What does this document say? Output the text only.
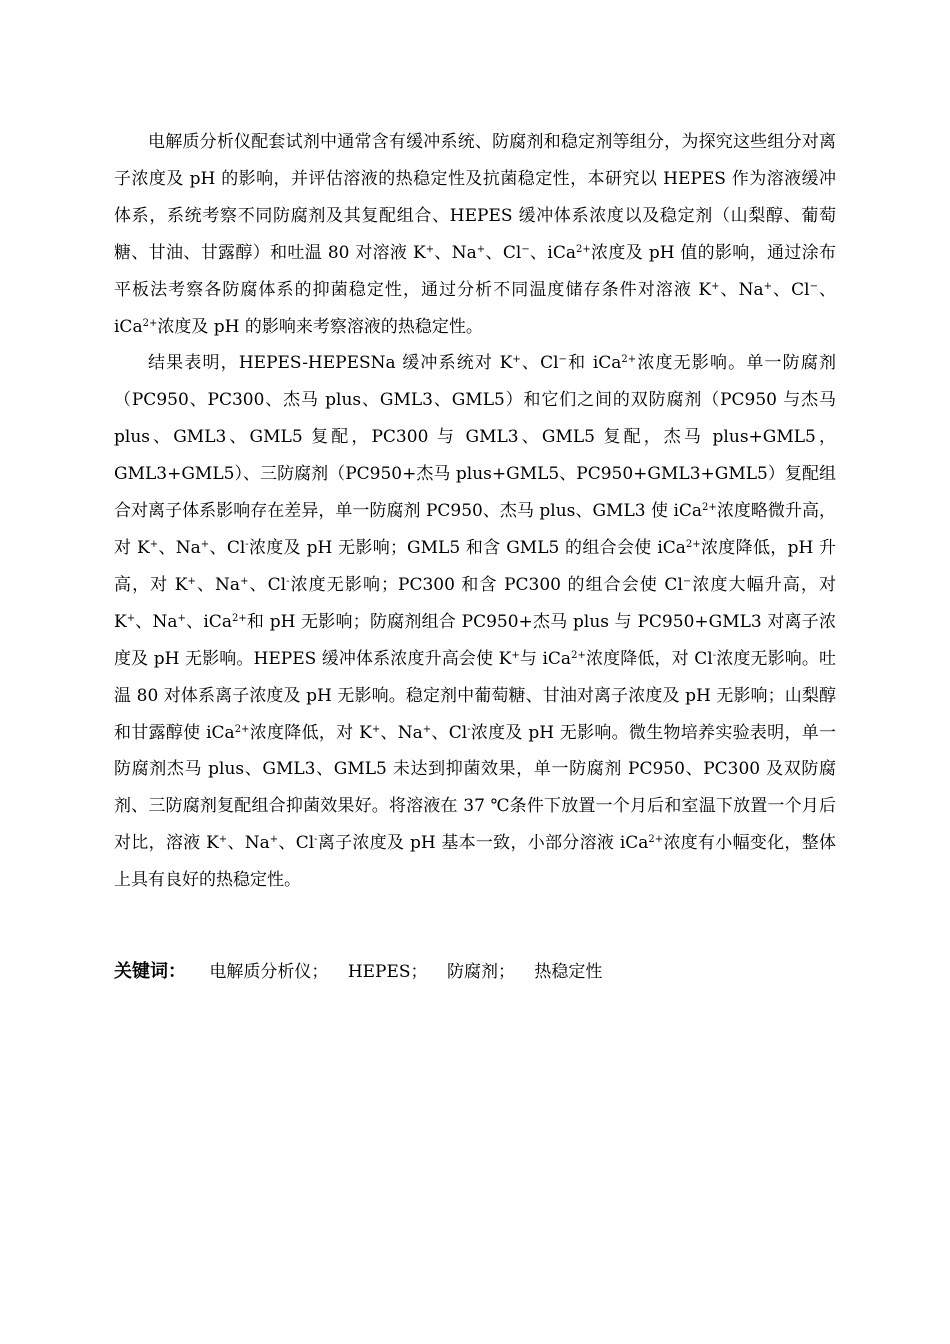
电解质分析仪配套试剂中通常含有缓冲系统、防腐剂和稳定剂等组分，为探究这些组分对离子浓度及 pH 的影响，并评估溶液的热稳定性及抗菌稳定性，本研究以 HEPES 作为溶液缓冲体系，系统考察不同防腐剂及其复配组合、HEPES 缓冲体系浓度以及稳定剂（山梨醇、葡萄糖、甘油、甘露醇）和吐温 80 对溶液 K+、Na+、Cl−、iCa$^{2+}$浓度及 pH 值的影响，通过涂布平板法考察各防腐体系的抑菌稳定性，通过分析不同温度储存条件对溶液 K+、Na+、Cl−、iCa$^{2+}$浓度及 pH 的影响来考察溶液的热稳定性。

结果表明，HEPES-HEPESNa 缓冲系统对 K+、Cl−和 iCa$^{2+}$浓度无影响。单一防腐剂（PC950、PC300、杰马 plus、GML3、GML5）和它们之间的双防腐剂（PC950 与杰马 plus、GML3、GML5 复配，PC300 与 GML3、GML5 复配，杰马 plus+GML5，GML3+GML5）、三防腐剂（PC950+杰马 plus+GML5、PC950+GML3+GML5）复配组合对离子体系影响存在差异，单一防腐剂 PC950、杰马 plus、GML3 使 iCa$^{2+}$浓度略微升高，对 K+、Na+、Cl-浓度及 pH 无影响；GML5 和含 GML5 的组合会使 iCa$^{2+}$浓度降低，pH 升高，对 K+、Na+、Cl-浓度无影响；PC300 和含 PC300 的组合会使 Cl−浓度大幅升高，对 K+、Na+、iCa$^{2+}$和 pH 无影响；防腐剂组合 PC950+杰马 plus 与 PC950+GML3 对离子浓度及 pH 无影响。HEPES 缓冲体系浓度升高会使 K+与 iCa$^{2+}$浓度降低，对 Cl-浓度无影响。吐温 80 对体系离子浓度及 pH 无影响。稳定剂中葡萄糖、甘油对离子浓度及 pH 无影响；山梨醇和甘露醇使 iCa$^{2+}$浓度降低，对 K+、Na+、Cl-浓度及 pH 无影响。微生物培养实验表明，单一防腐剂杰马 plus、GML3、GML5 未达到抑菌效果，单一防腐剂 PC950、PC300 及双防腐剂、三防腐剂复配组合抑菌效果好。将溶液在 37 ℃条件下放置一个月后和室温下放置一个月后对比，溶液 K+、Na+、Cl-离子浓度及 pH 基本一致，小部分溶液 iCa$^{2+}$浓度有小幅变化，整体上具有良好的热稳定性。

关键词： 电解质分析仪； HEPES； 防腐剂； 热稳定性
